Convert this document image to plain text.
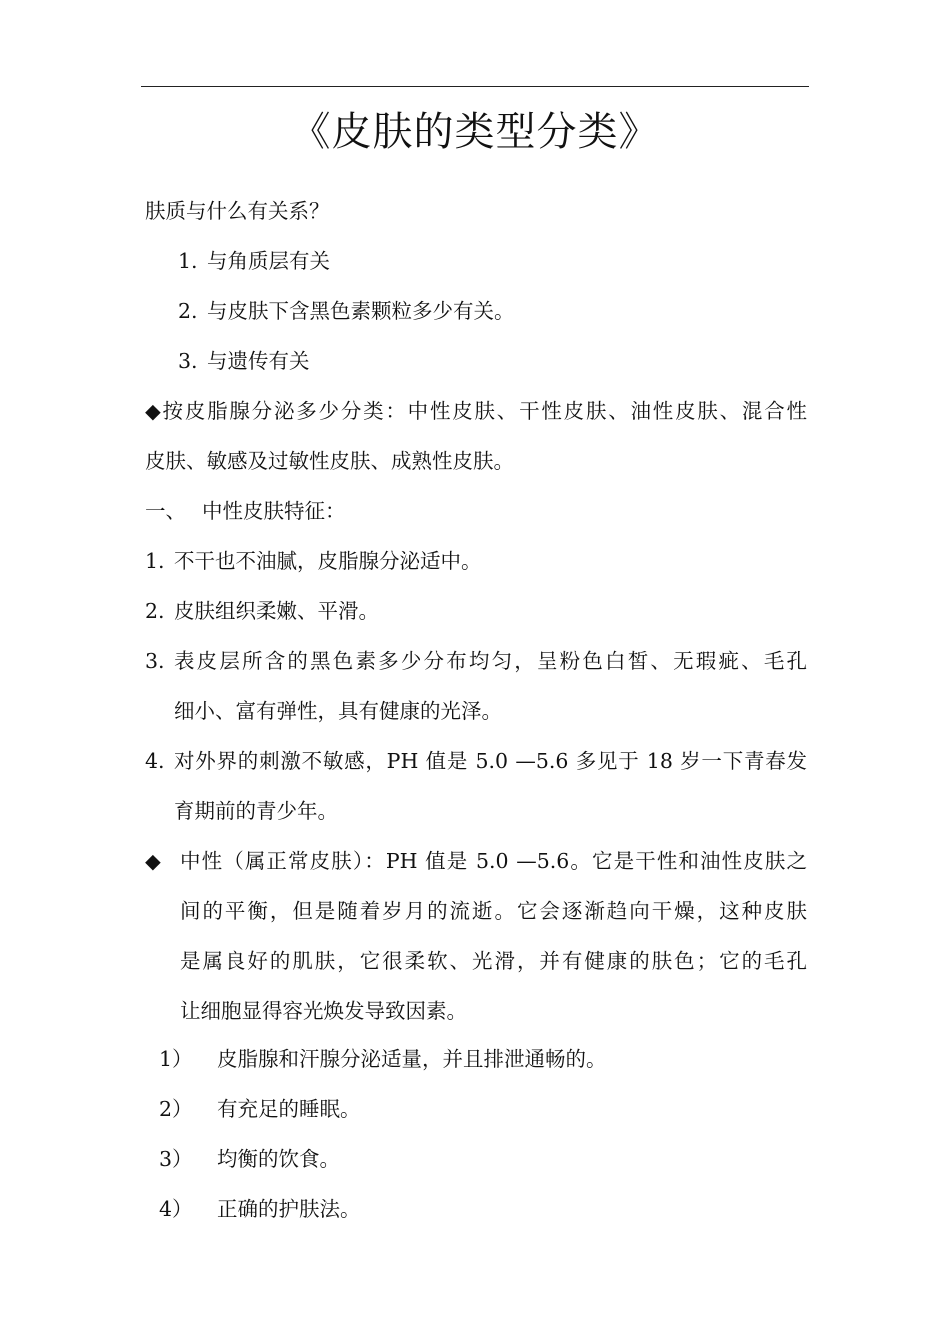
《皮肤的类型分类》
肤质与什么有关系？
1. 与角质层有关
2. 与皮肤下含黑色素颗粒多少有关。
3. 与遗传有关
◆按皮脂腺分泌多少分类：中性皮肤、干性皮肤、油性皮肤、混合性
皮肤、敏感及过敏性皮肤、成熟性皮肤。
一、 中性皮肤特征：
1. 不干也不油腻，皮脂腺分泌适中。
2. 皮肤组织柔嫩、平滑。
3. 表皮层所含的黑色素多少分布均匀，呈粉色白皙、无瑕疵、毛孔
细小、富有弹性，具有健康的光泽。
4. 对外界的刺激不敏感，PH 值是 5.0 —5.6 多见于 18 岁一下青春发
育期前的青少年。
◆ 中性（属正常皮肤）：PH 值是 5.0 —5.6。它是干性和油性皮肤之
间的平衡，但是随着岁月的流逝。它会逐渐趋向干燥，这种皮肤
是属良好的肌肤，它很柔软、光滑，并有健康的肤色；它的毛孔
让细胞显得容光焕发导致因素。
1） 皮脂腺和汗腺分泌适量，并且排泄通畅的。
2） 有充足的睡眠。
3） 均衡的饮食。
4） 正确的护肤法。
